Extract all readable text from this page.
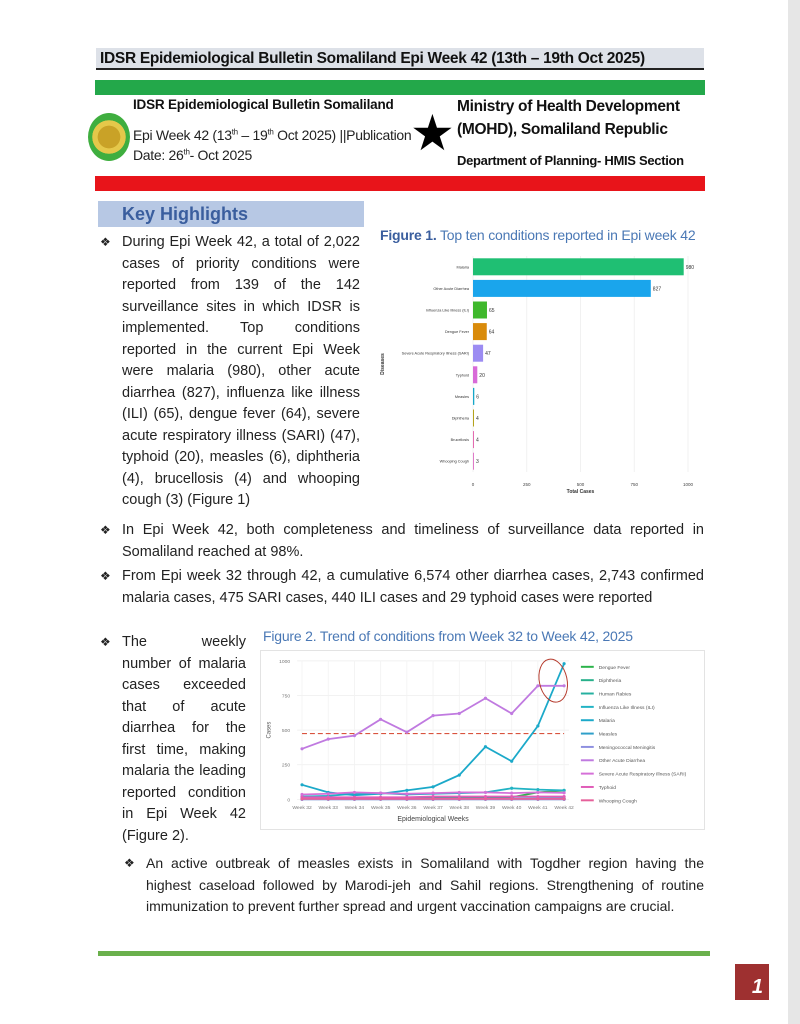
IDSR Epidemiological Bulletin Somaliland Epi Week 42 (13th – 19th Oct 2025)
IDSR Epidemiological Bulletin Somaliland
Epi Week 42 (13th – 19th Oct 2025) ||Publication
Date: 26th- Oct 2025	★ Ministry of Health Development
(MOHD), Somaliland Republic
Department of Planning- HMIS Section
Key Highlights
❖ During Epi Week 42, a total of 2,022 cases of priority conditions were reported from 139 of the 142 surveillance sites in which IDSR is implemented. Top conditions reported in the current Epi Week were malaria (980), other acute diarrhea (827), influenza like illness (ILI) (65), dengue fever (64), severe acute respiratory illness (SARI) (47), typhoid (20), measles (6), diphtheria (4), brucellosis (4) and whooping cough (3) (Figure 1)
❖ In Epi Week 42, both completeness and timeliness of surveillance data reported in Somaliland reached at 98%.
❖ From Epi week 32 through 42, a cumulative 6,574 other diarrhea cases, 2,743 confirmed malaria cases, 475 SARI cases, 440 ILI cases and 29 typhoid cases were reported
❖ The weekly number of malaria cases exceeded that of acute diarrhea for the first time, making malaria the leading reported condition in Epi Week 42 (Figure 2).
❖ An active outbreak of measles exists in Somaliland with Togdher region having the highest caseload followed by Marodi-jeh and Sahil regions. Strengthening of routine immunization to prevent further spread and urgent vaccination campaigns are crucial.
Figure 1. Top ten conditions reported in Epi week 42
0	250	500	750	1000
Total Cases
Diseases
Malaria	980
Other Acute Diarrhea	827
Influenza Like Illness (ILI)	65
Dengue Fever	64
Severe Acute Respiratory Illness (SARI)	47
Typhoid 20
Measles 6
Diphtheria 4
Brucellosis 4
Whooping Cough 3
Figure 2. Trend of conditions from Week 32 to Week 42, 2025
0
250
500
750
1000
Week 32 Week 33 Week 34 Week 35 Week 36 Week 37 Week 38 Week 39 Week 40 Week 41 Week 42
Epidemiological Weeks
Cases
Dengue Fever
Diphtheria
Human Rabies
Influenza Like Illness (ILI)
Malaria
Measles
Meningococcal Meningitis
Other Acute Diarrhea
Severe Acute Respiratory Illness (SARI)
Typhoid
Whooping Cough
1
